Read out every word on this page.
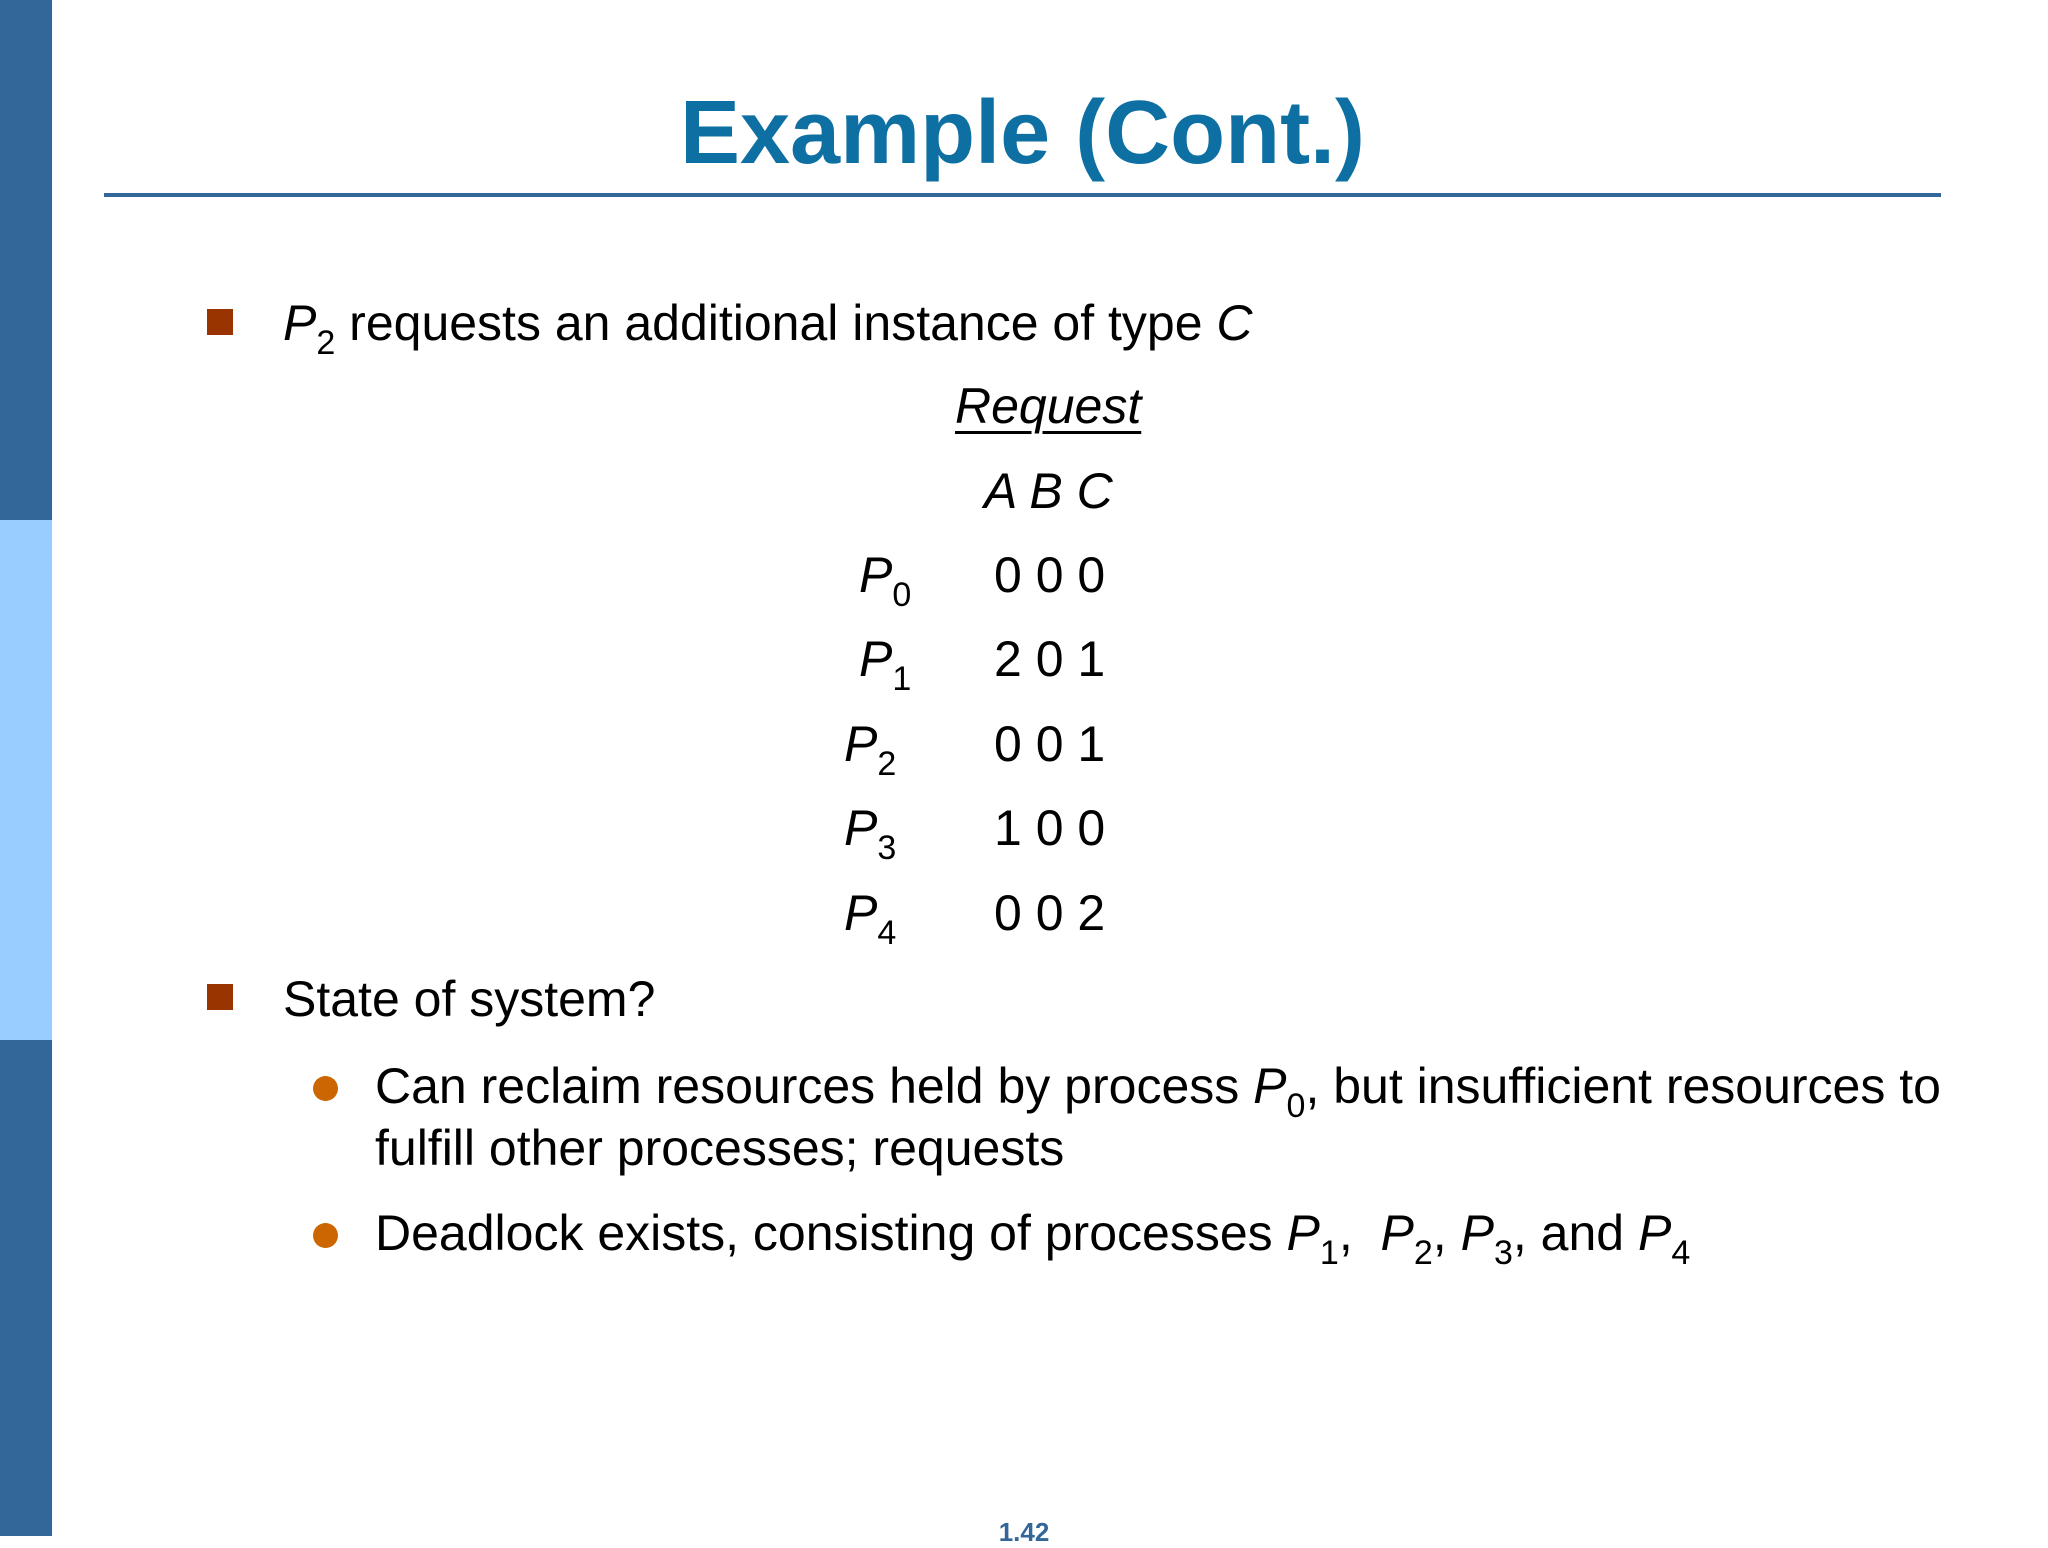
Example (Cont.)
$P_2$ requests an additional instance of type C
Request
A B C
$P_0$ 0 0 0
$P_1$ 2 0 1
$P_2$ 0 0 1
$P_3$ 1 0 0
$P_4$ 0 0 2
State of system?
Can reclaim resources held by process $P_0$, but insufficient resources to
fulfill other processes; requests
Deadlock exists, consisting of processes $P_1$,  $P_2$, $P_3$, and $P_4$
1.42
